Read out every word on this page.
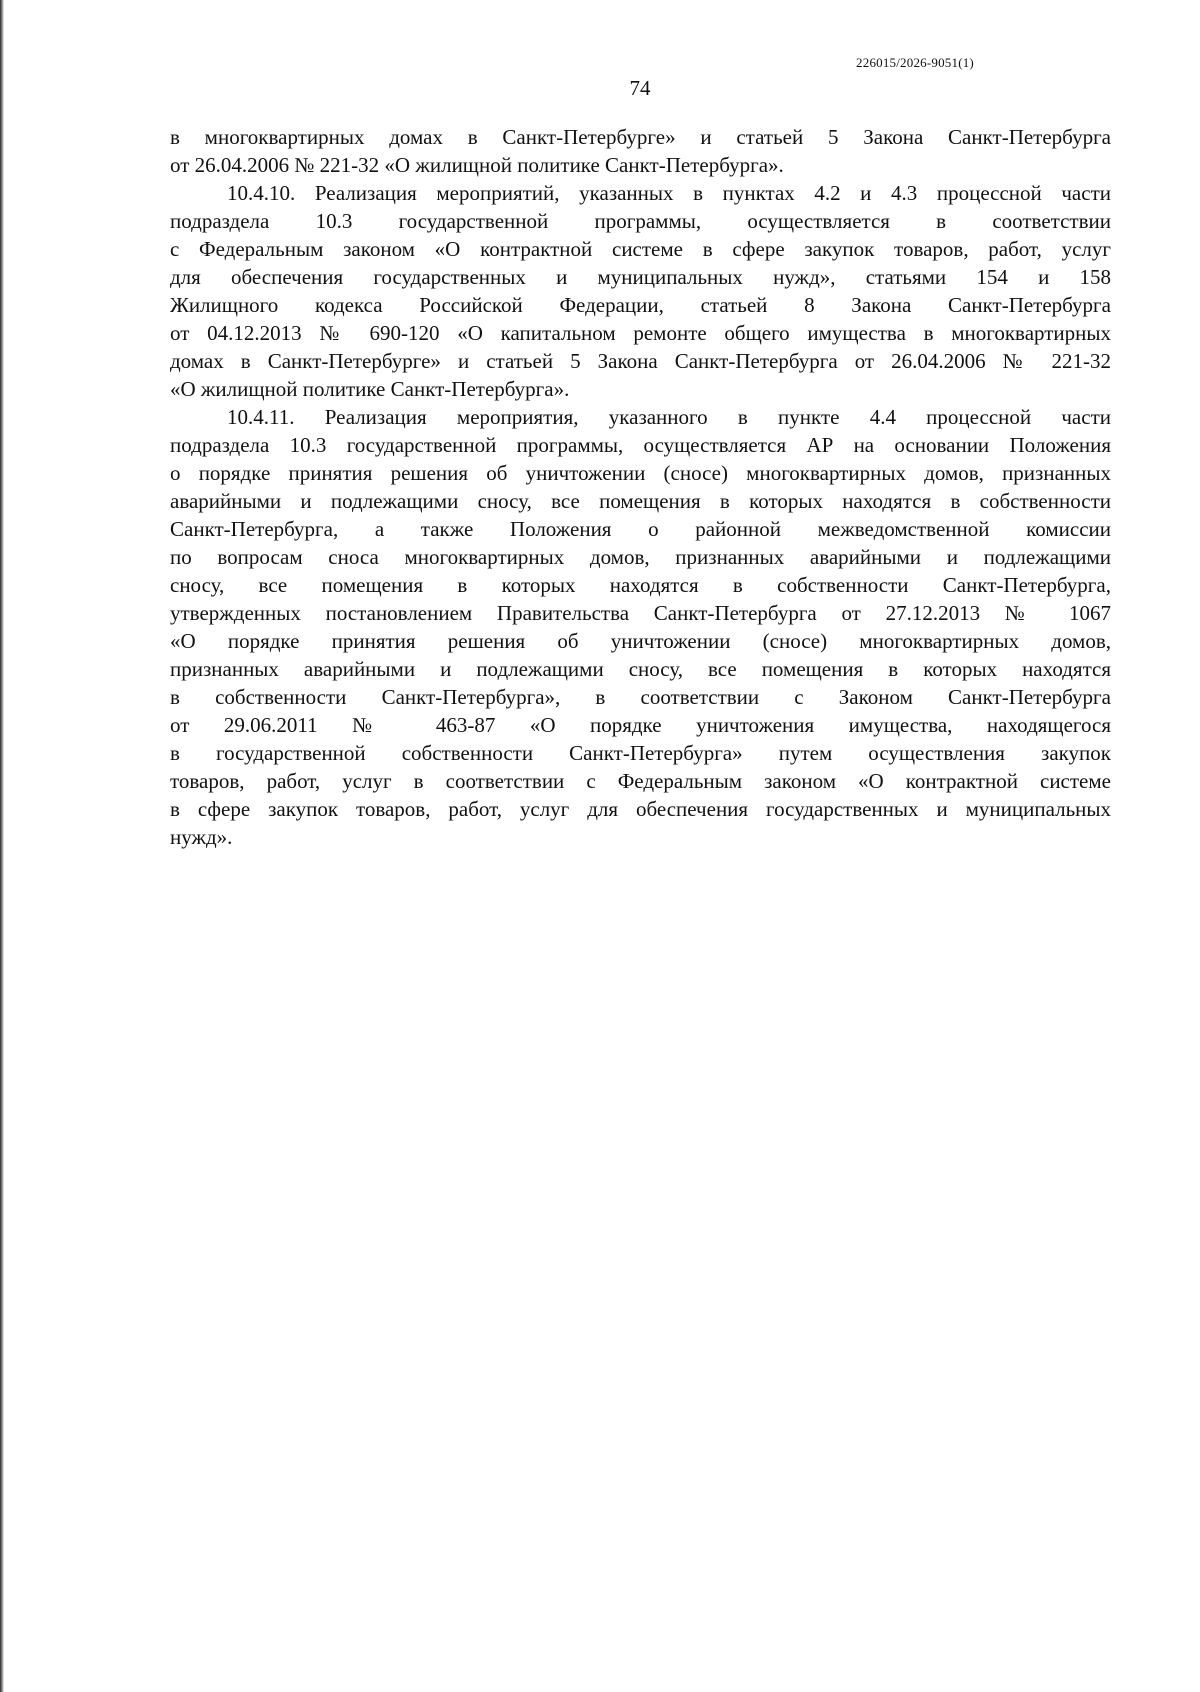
226015/2026-9051(1)
74
в многоквартирных домах в Санкт-Петербурге» и статьей 5 Закона Санкт-Петербурга
от 26.04.2006 № 221-32 «О жилищной политике Санкт-Петербурга».
10.4.10. Реализация мероприятий, указанных в пунктах 4.2 и 4.3 процессной части
подраздела 10.3 государственной программы, осуществляется в соответствии
с Федеральным законом «О контрактной системе в сфере закупок товаров, работ, услуг
для обеспечения государственных и муниципальных нужд», статьями 154 и 158
Жилищного кодекса Российской Федерации, статьей 8 Закона Санкт-Петербурга
от 04.12.2013 № 690-120 «О капитальном ремонте общего имущества в многоквартирных
домах в Санкт-Петербурге» и статьей 5 Закона Санкт-Петербурга от 26.04.2006 № 221-32
«О жилищной политике Санкт-Петербурга».
10.4.11. Реализация мероприятия, указанного в пункте 4.4 процессной части
подраздела 10.3 государственной программы, осуществляется АР на основании Положения
о порядке принятия решения об уничтожении (сносе) многоквартирных домов, признанных
аварийными и подлежащими сносу, все помещения в которых находятся в собственности
Санкт-Петербурга, а также Положения о районной межведомственной комиссии
по вопросам сноса многоквартирных домов, признанных аварийными и подлежащими
сносу, все помещения в которых находятся в собственности Санкт-Петербурга,
утвержденных постановлением Правительства Санкт-Петербурга от 27.12.2013 № 1067
«О порядке принятия решения об уничтожении (сносе) многоквартирных домов,
признанных аварийными и подлежащими сносу, все помещения в которых находятся
в собственности Санкт-Петербурга», в соответствии с Законом Санкт-Петербурга
от 29.06.2011 № 463-87 «О порядке уничтожения имущества, находящегося
в государственной собственности Санкт-Петербурга» путем осуществления закупок
товаров, работ, услуг в соответствии с Федеральным законом «О контрактной системе
в сфере закупок товаров, работ, услуг для обеспечения государственных и муниципальных
нужд».
